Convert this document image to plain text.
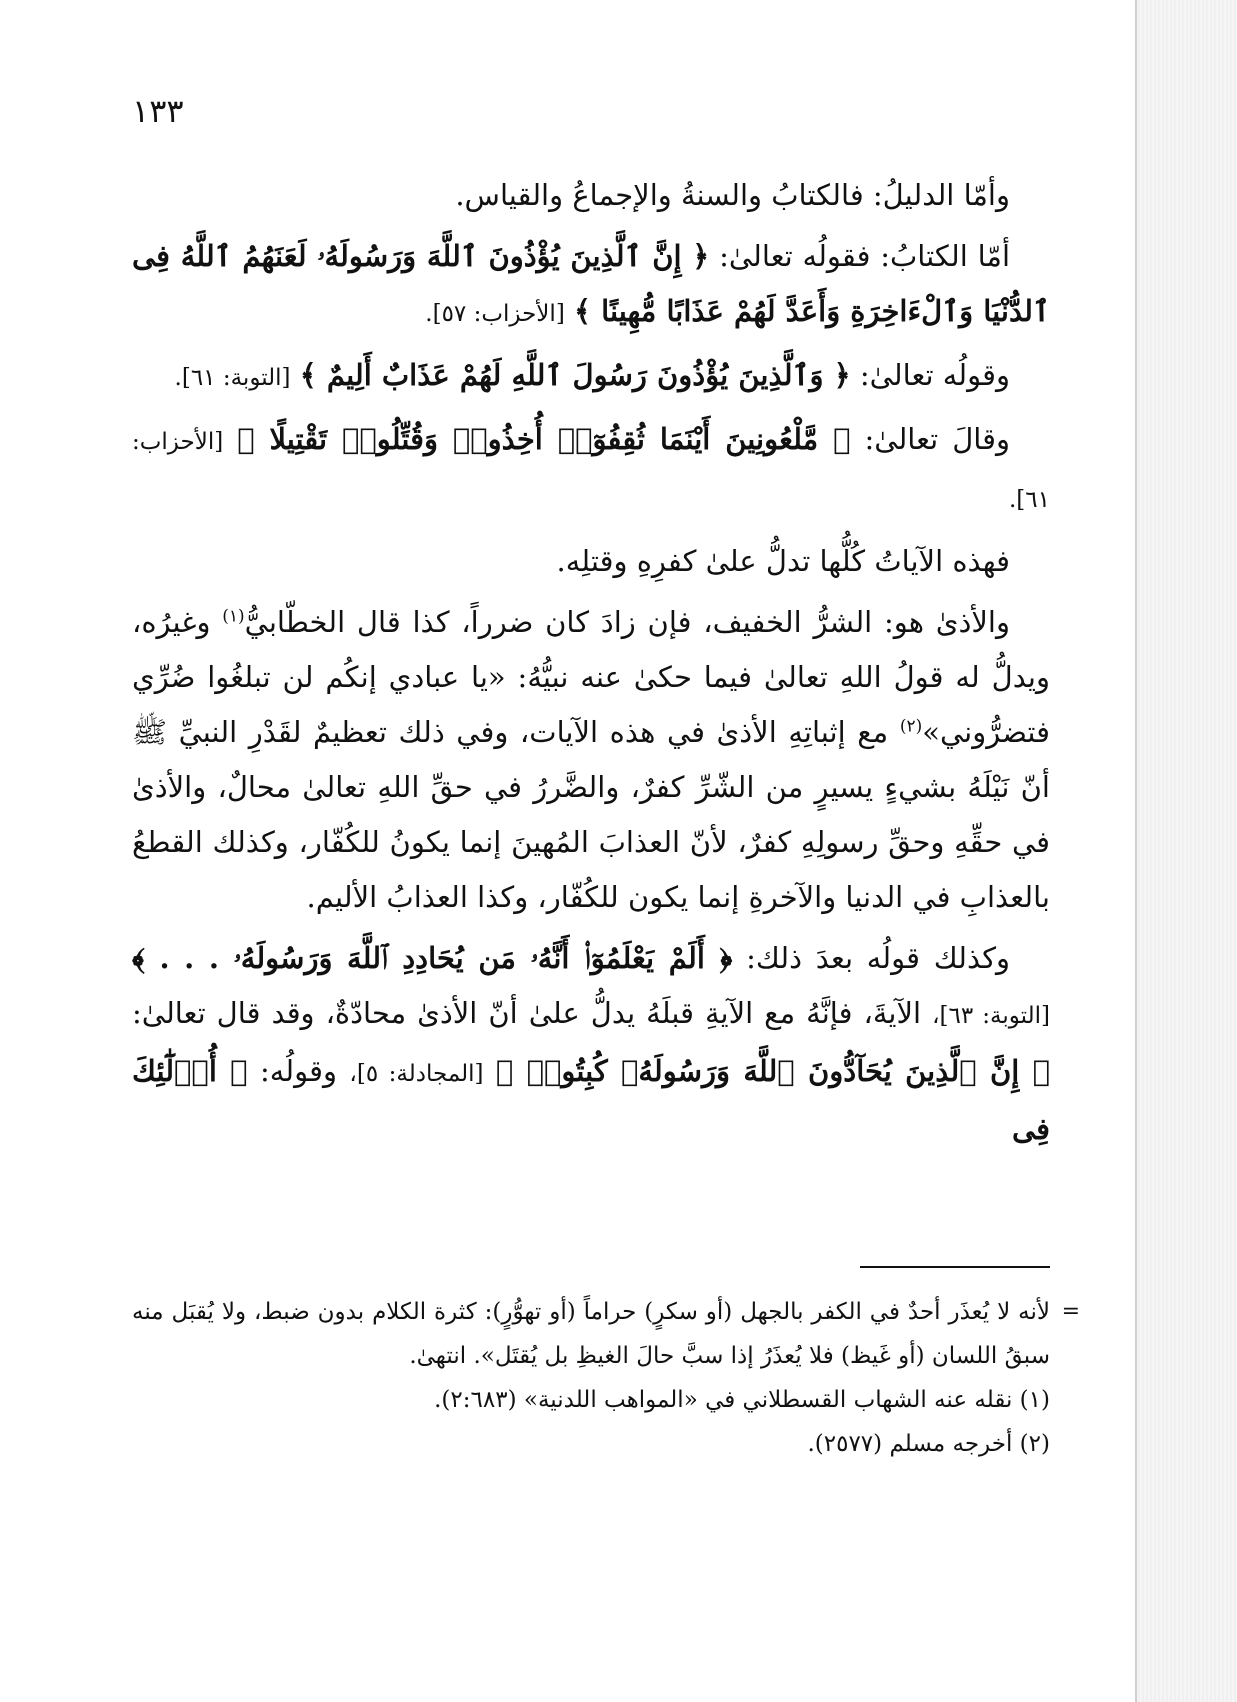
١٣٣

وأمّا الدليلُ: فالكتابُ والسنةُ والإجماعُ والقياس.

أمّا الكتابُ: فقولُه تعالىٰ: ﴿ إِنَّ ٱلَّذِينَ يُؤْذُونَ ٱللَّهَ وَرَسُولَهُۥ لَعَنَهُمُ ٱللَّهُ فِى ٱلدُّنْيَا وَٱلْءَاخِرَةِ وَأَعَدَّ لَهُمْ عَذَابًا مُّهِينًا ﴾ [الأحزاب: ٥٧].

وقولُه تعالىٰ: ﴿ وَٱلَّذِينَ يُؤْذُونَ رَسُولَ ٱللَّهِ لَهُمْ عَذَابٌ أَلِيمٌ ﴾ [التوبة: ٦١].

وقالَ تعالىٰ: ﴿ مَّلْعُونِينَ أَيْنَمَا ثُقِفُوٓا۟ أُخِذُوا۟ وَقُتِّلُوا۟ تَقْتِيلًا ﴾ [الأحزاب: ٦١].

فهذه الآياتُ كُلُّها تدلُّ علىٰ كفرِهِ وقتلِه.

والأذىٰ هو: الشرُّ الخفيف، فإن زادَ كان ضرراً، كذا قال الخطّابيُّ$^{(١)}$ وغيرُه، ويدلُّ له قولُ اللهِ تعالىٰ فيما حكىٰ عنه نبيُّهُ: «يا عبادي إنكُم لن تبلغُوا ضُرِّي فتضرُّوني»$^{(٢)}$ مع إثباتِهِ الأذىٰ في هذه الآيات، وفي ذلك تعظيمٌ لقَدْرِ النبيِّ ﷺ أنّ نَيْلَهُ بشيءٍ يسيرٍ من الشّرِّ كفرٌ، والضَّررُ في حقِّ اللهِ تعالىٰ محالٌ، والأذىٰ في حقِّهِ وحقِّ رسولِهِ كفرٌ، لأنّ العذابَ المُهينَ إنما يكونُ للكُفّار، وكذلك القطعُ بالعذابِ في الدنيا والآخرةِ إنما يكون للكُفّار، وكذا العذابُ الأليم.

وكذلك قولُه بعدَ ذلك: ﴿ أَلَمْ يَعْلَمُوٓا۟ أَنَّهُۥ مَن يُحَادِدِ ٱللَّهَ وَرَسُولَهُۥ . . . ﴾ [التوبة: ٦٣]، الآيةَ، فإنَّهُ مع الآيةِ قبلَهُ يدلُّ علىٰ أنّ الأذىٰ محادّةٌ، وقد قال تعالىٰ: ﴿ إِنَّ ٱلَّذِينَ يُحَآدُّونَ ٱللَّهَ وَرَسُولَهُۥ كُبِتُوا۟ ﴾ [المجادلة: ٥]، وقولُه: ﴿ أُو۟لَٰٓئِكَ فِى

=
لأنه لا يُعذَر أحدٌ في الكفر بالجهل (أو سكرٍ) حراماً (أو تهوُّرٍ): كثرة الكلام بدون ضبط، ولا يُقبَل منه سبقُ اللسان (أو غَيظ) فلا يُعذَرُ إذا سبَّ حالَ الغيظِ بل يُقتَل». انتهىٰ.

(١) نقله عنه الشهاب القسطلاني في «المواهب اللدنية» (٢:٦٨٣).

(٢) أخرجه مسلم (٢٥٧٧).
